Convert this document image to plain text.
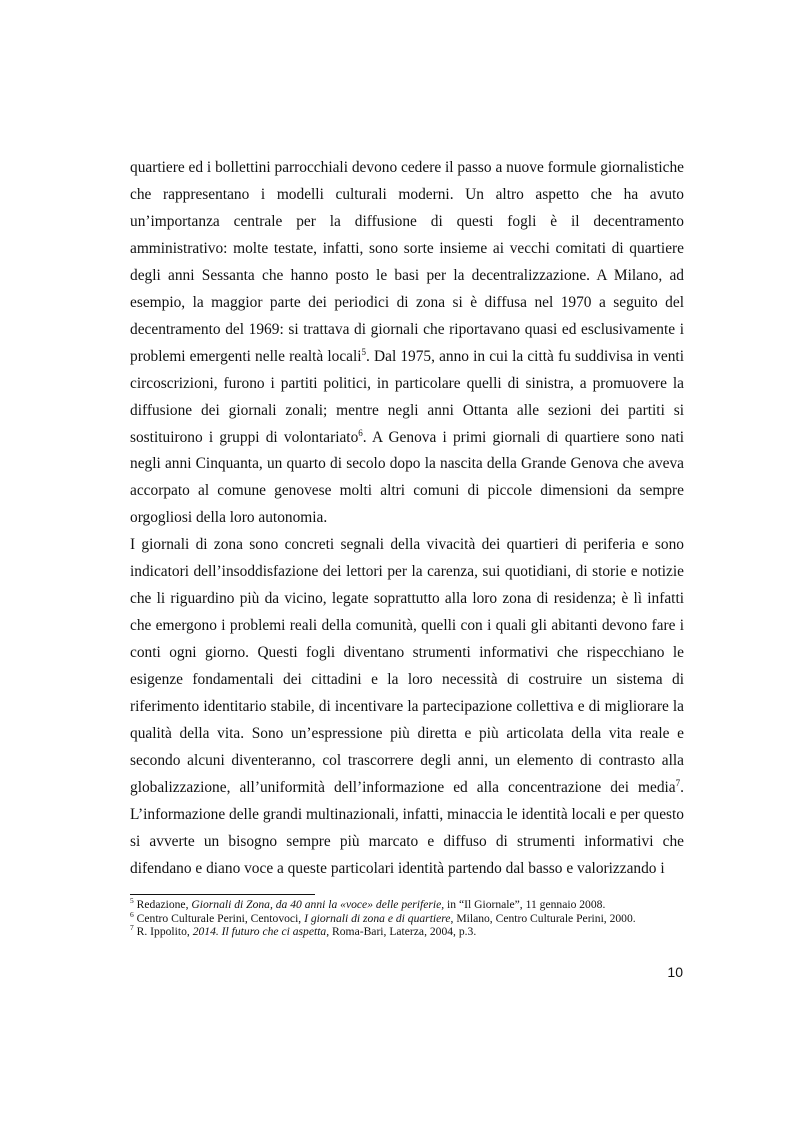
quartiere ed i bollettini parrocchiali devono cedere il passo a nuove formule giornalistiche che rappresentano i modelli culturali moderni. Un altro aspetto che ha avuto un’importanza centrale per la diffusione di questi fogli è il decentramento amministrativo: molte testate, infatti, sono sorte insieme ai vecchi comitati di quartiere degli anni Sessanta che hanno posto le basi per la decentralizzazione. A Milano, ad esempio, la maggior parte dei periodici di zona si è diffusa nel 1970 a seguito del decentramento del 1969: si trattava di giornali che riportavano quasi ed esclusivamente i problemi emergenti nelle realtà locali$^5$. Dal 1975, anno in cui la città fu suddivisa in venti circoscrizioni, furono i partiti politici, in particolare quelli di sinistra, a promuovere la diffusione dei giornali zonali; mentre negli anni Ottanta alle sezioni dei partiti si sostituirono i gruppi di volontariato$^6$. A Genova i primi giornali di quartiere sono nati negli anni Cinquanta, un quarto di secolo dopo la nascita della Grande Genova che aveva accorpato al comune genovese molti altri comuni di piccole dimensioni da sempre orgogliosi della loro autonomia.

I giornali di zona sono concreti segnali della vivacità dei quartieri di periferia e sono indicatori dell’insoddisfazione dei lettori per la carenza, sui quotidiani, di storie e notizie che li riguardino più da vicino, legate soprattutto alla loro zona di residenza; è lì infatti che emergono i problemi reali della comunità, quelli con i quali gli abitanti devono fare i conti ogni giorno. Questi fogli diventano strumenti informativi che rispecchiano le esigenze fondamentali dei cittadini e la loro necessità di costruire un sistema di riferimento identitario stabile, di incentivare la partecipazione collettiva e di migliorare la qualità della vita. Sono un’espressione più diretta e più articolata della vita reale e secondo alcuni diventeranno, col trascorrere degli anni, un elemento di contrasto alla globalizzazione, all’uniformità dell’informazione ed alla concentrazione dei media$^7$. L’informazione delle grandi multinazionali, infatti, minaccia le identità locali e per questo si avverte un bisogno sempre più marcato e diffuso di strumenti informativi che difendano e diano voce a queste particolari identità partendo dal basso e valorizzando i

$^5$ Redazione, Giornali di Zona, da 40 anni la «voce» delle periferie, in “Il Giornale”, 11 gennaio 2008.

$^6$ Centro Culturale Perini, Centovoci, I giornali di zona e di quartiere, Milano, Centro Culturale Perini, 2000.

$^7$ R. Ippolito, 2014. Il futuro che ci aspetta, Roma-Bari, Laterza, 2004, p.3.

10
